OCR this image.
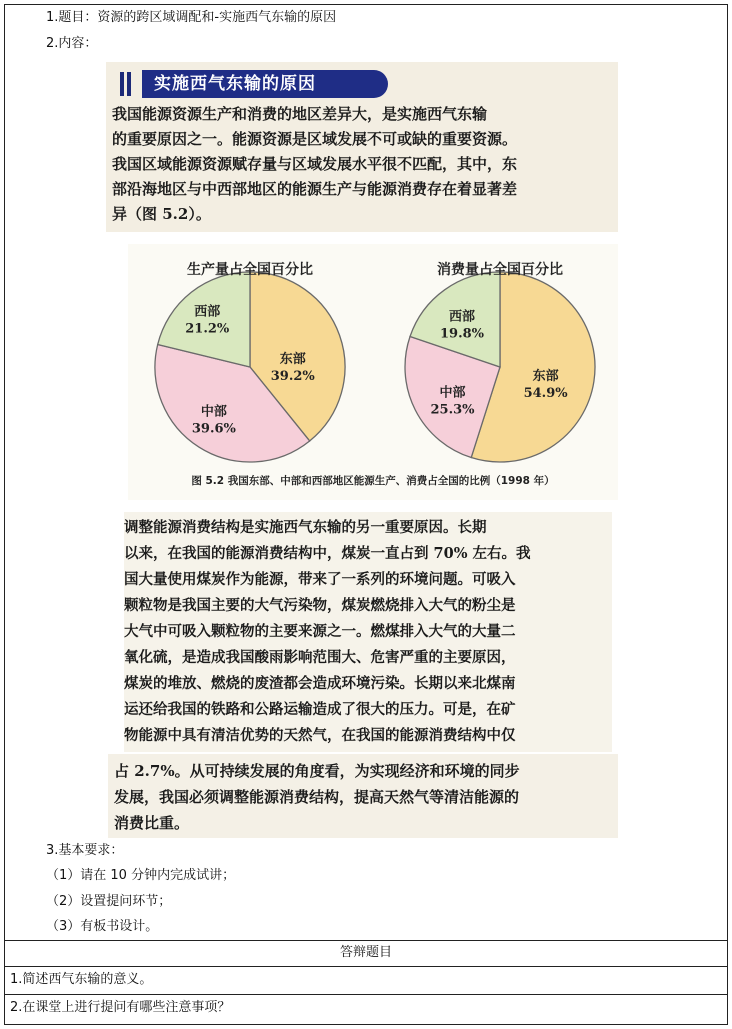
1.题目：资源的跨区域调配和-实施西气东输的原因
2.内容：
实施西气东输的原因
我国能源资源生产和消费的地区差异大，是实施西气东输
的重要原因之一。能源资源是区域发展不可或缺的重要资源。
我国区域能源资源赋存量与区域发展水平很不匹配，其中，东
部沿海地区与中西部地区的能源生产与能源消费存在着显著差
异（图 5.2）。
东部
39.2%
中部
39.6%
西部
21.2%
生产量占全国百分比
东部
54.9%
中部
25.3%
西部
19.8%
消费量占全国百分比
图 5.2 我国东部、中部和西部地区能源生产、消费占全国的比例（1998 年）
调整能源消费结构是实施西气东输的另一重要原因。长期
以来，在我国的能源消费结构中，煤炭一直占到 70% 左右。我
国大量使用煤炭作为能源，带来了一系列的环境问题。可吸入
颗粒物是我国主要的大气污染物，煤炭燃烧排入大气的粉尘是
大气中可吸入颗粒物的主要来源之一。燃煤排入大气的大量二
氧化硫，是造成我国酸雨影响范围大、危害严重的主要原因，
煤炭的堆放、燃烧的废渣都会造成环境污染。长期以来北煤南
运还给我国的铁路和公路运输造成了很大的压力。可是，在矿
物能源中具有清洁优势的天然气，在我国的能源消费结构中仅
占 2.7%。从可持续发展的角度看，为实现经济和环境的同步
发展，我国必须调整能源消费结构，提高天然气等清洁能源的
消费比重。
3.基本要求：
（1）请在 10 分钟内完成试讲；
（2）设置提问环节；
（3）有板书设计。
答辩题目
1.简述西气东输的意义。
2.在课堂上进行提问有哪些注意事项？
